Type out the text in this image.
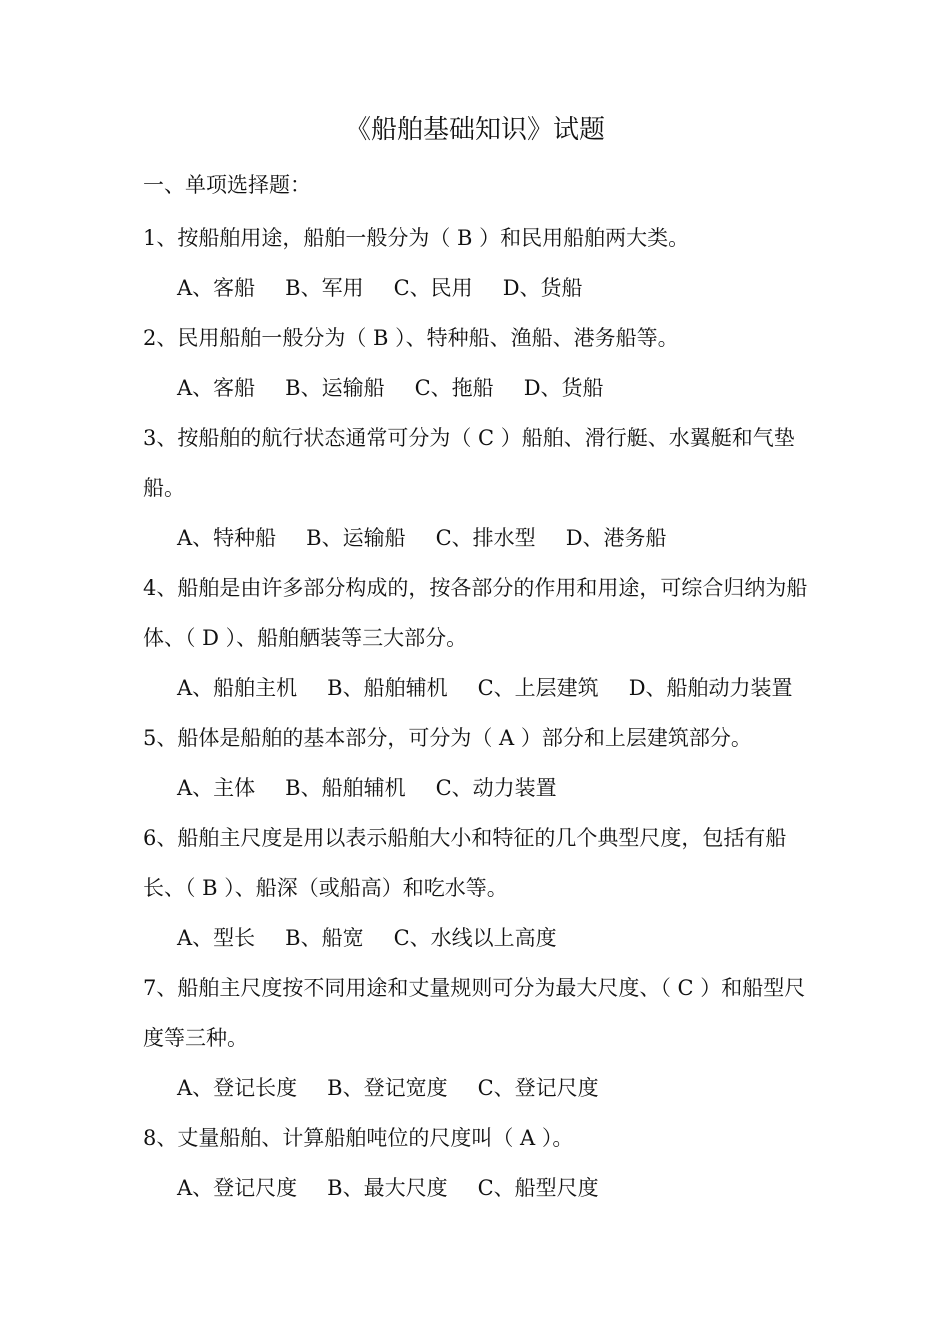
《船舶基础知识》试题
一、单项选择题：

1、按船舶用途，船舶一般分为（ B ）和民用船舶两大类。

A、客船 B、军用 C、民用 D、货船

2、民用船舶一般分为（ B ）、特种船、渔船、港务船等。

A、客船 B、运输船 C、拖船 D、货船

3、按船舶的航行状态通常可分为（ C ）船舶、滑行艇、水翼艇和气垫船。

A、特种船 B、运输船 C、排水型 D、港务船

4、船舶是由许多部分构成的，按各部分的作用和用途，可综合归纳为船体、（ D ）、船舶舾装等三大部分。

A、船舶主机 B、船舶辅机 C、上层建筑 D、船舶动力装置

5、船体是船舶的基本部分，可分为（ A ）部分和上层建筑部分。

A、主体 B、船舶辅机 C、动力装置

6、船舶主尺度是用以表示船舶大小和特征的几个典型尺度，包括有船长、（ B ）、船深（或船高）和吃水等。

A、型长 B、船宽 C、水线以上高度

7、船舶主尺度按不同用途和丈量规则可分为最大尺度、（ C ）和船型尺度等三种。

A、登记长度 B、登记宽度 C、登记尺度

8、丈量船舶、计算船舶吨位的尺度叫（ A ）。

A、登记尺度 B、最大尺度 C、船型尺度
